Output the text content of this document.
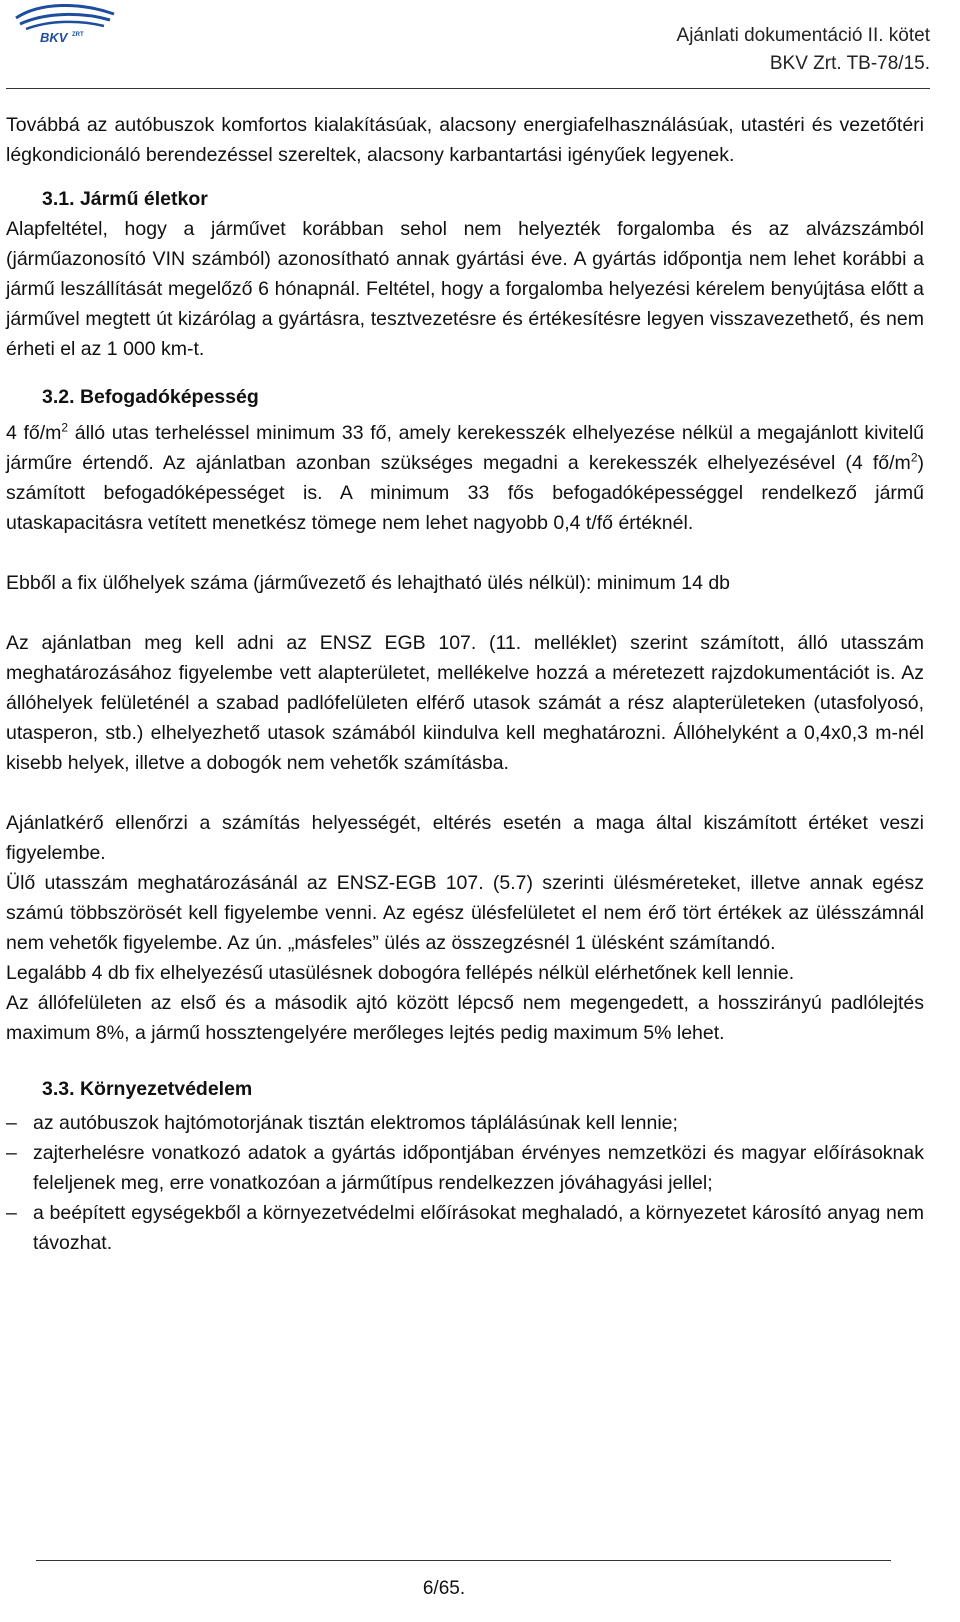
BKV ZRT	Ajánlati dokumentáció II. kötet
BKV Zrt. TB-78/15.

Továbbá az autóbuszok komfortos kialakításúak, alacsony energiafelhasználásúak, utastéri és vezetőtéri légkondicionáló berendezéssel szereltek, alacsony karbantartási igényűek legyenek.

3.1. Jármű életkor

Alapfeltétel, hogy a járművet korábban sehol nem helyezték forgalomba és az alvázszámból (járműazonosító VIN számból) azonosítható annak gyártási éve. A gyártás időpontja nem lehet korábbi a jármű leszállítását megelőző 6 hónapnál. Feltétel, hogy a forgalomba helyezési kérelem benyújtása előtt a járművel megtett út kizárólag a gyártásra, tesztvezetésre és értékesítésre legyen visszavezethető, és nem érheti el az 1 000 km-t.

3.2. Befogadóképesség

4 $fő/m^2$ álló utas terheléssel minimum 33 fő, amely kerekesszék elhelyezése nélkül a megajánlott kivitelű járműre értendő. Az ajánlatban azonban szükséges megadni a kerekesszék elhelyezésével (4 $fő/m^2$) számított befogadóképességet is. A minimum 33 fős befogadóképességgel rendelkező jármű utaskapacitásra vetített menetkész tömege nem lehet nagyobb 0,4 t/fő értéknél.

Ebből a fix ülőhelyek száma (járművezető és lehajtható ülés nélkül): minimum 14 db

Az ajánlatban meg kell adni az ENSZ EGB 107. (11. melléklet) szerint számított, álló utasszám meghatározásához figyelembe vett alapterületet, mellékelve hozzá a méretezett rajzdokumentációt is. Az állóhelyek felületénél a szabad padlófelületen elférő utasok számát a rész alapterületeken (utasfolyosó, utasperon, stb.) elhelyezhető utasok számából kiindulva kell meghatározni. Állóhelyként a 0,4x0,3 m-nél kisebb helyek, illetve a dobogók nem vehetők számításba.

Ajánlatkérő ellenőrzi a számítás helyességét, eltérés esetén a maga által kiszámított értéket veszi figyelembe.

Ülő utasszám meghatározásánál az ENSZ-EGB 107. (5.7) szerinti ülésméreteket, illetve annak egész számú többszörösét kell figyelembe venni. Az egész ülésfelületet el nem érő tört értékek az ülésszámnál nem vehetők figyelembe. Az ún. „másfeles” ülés az összegzésnél 1 ülésként számítandó.

Legalább 4 db fix elhelyezésű utasülésnek dobogóra fellépés nélkül elérhetőnek kell lennie.

Az állófelületen az első és a második ajtó között lépcső nem megengedett, a hosszirányú padlólejtés maximum 8%, a jármű hossztengelyére merőleges lejtés pedig maximum 5% lehet.

3.3. Környezetvédelem
– az autóbuszok hajtómotorjának tisztán elektromos táplálásúnak kell lennie;
– zajterhelésre vonatkozó adatok a gyártás időpontjában érvényes nemzetközi és magyar előírásoknak feleljenek meg, erre vonatkozóan a járműtípus rendelkezzen jóváhagyási jellel;
– a beépített egységekből a környezetvédelmi előírásokat meghaladó, a környezetet károsító anyag nem távozhat.
6/65.
